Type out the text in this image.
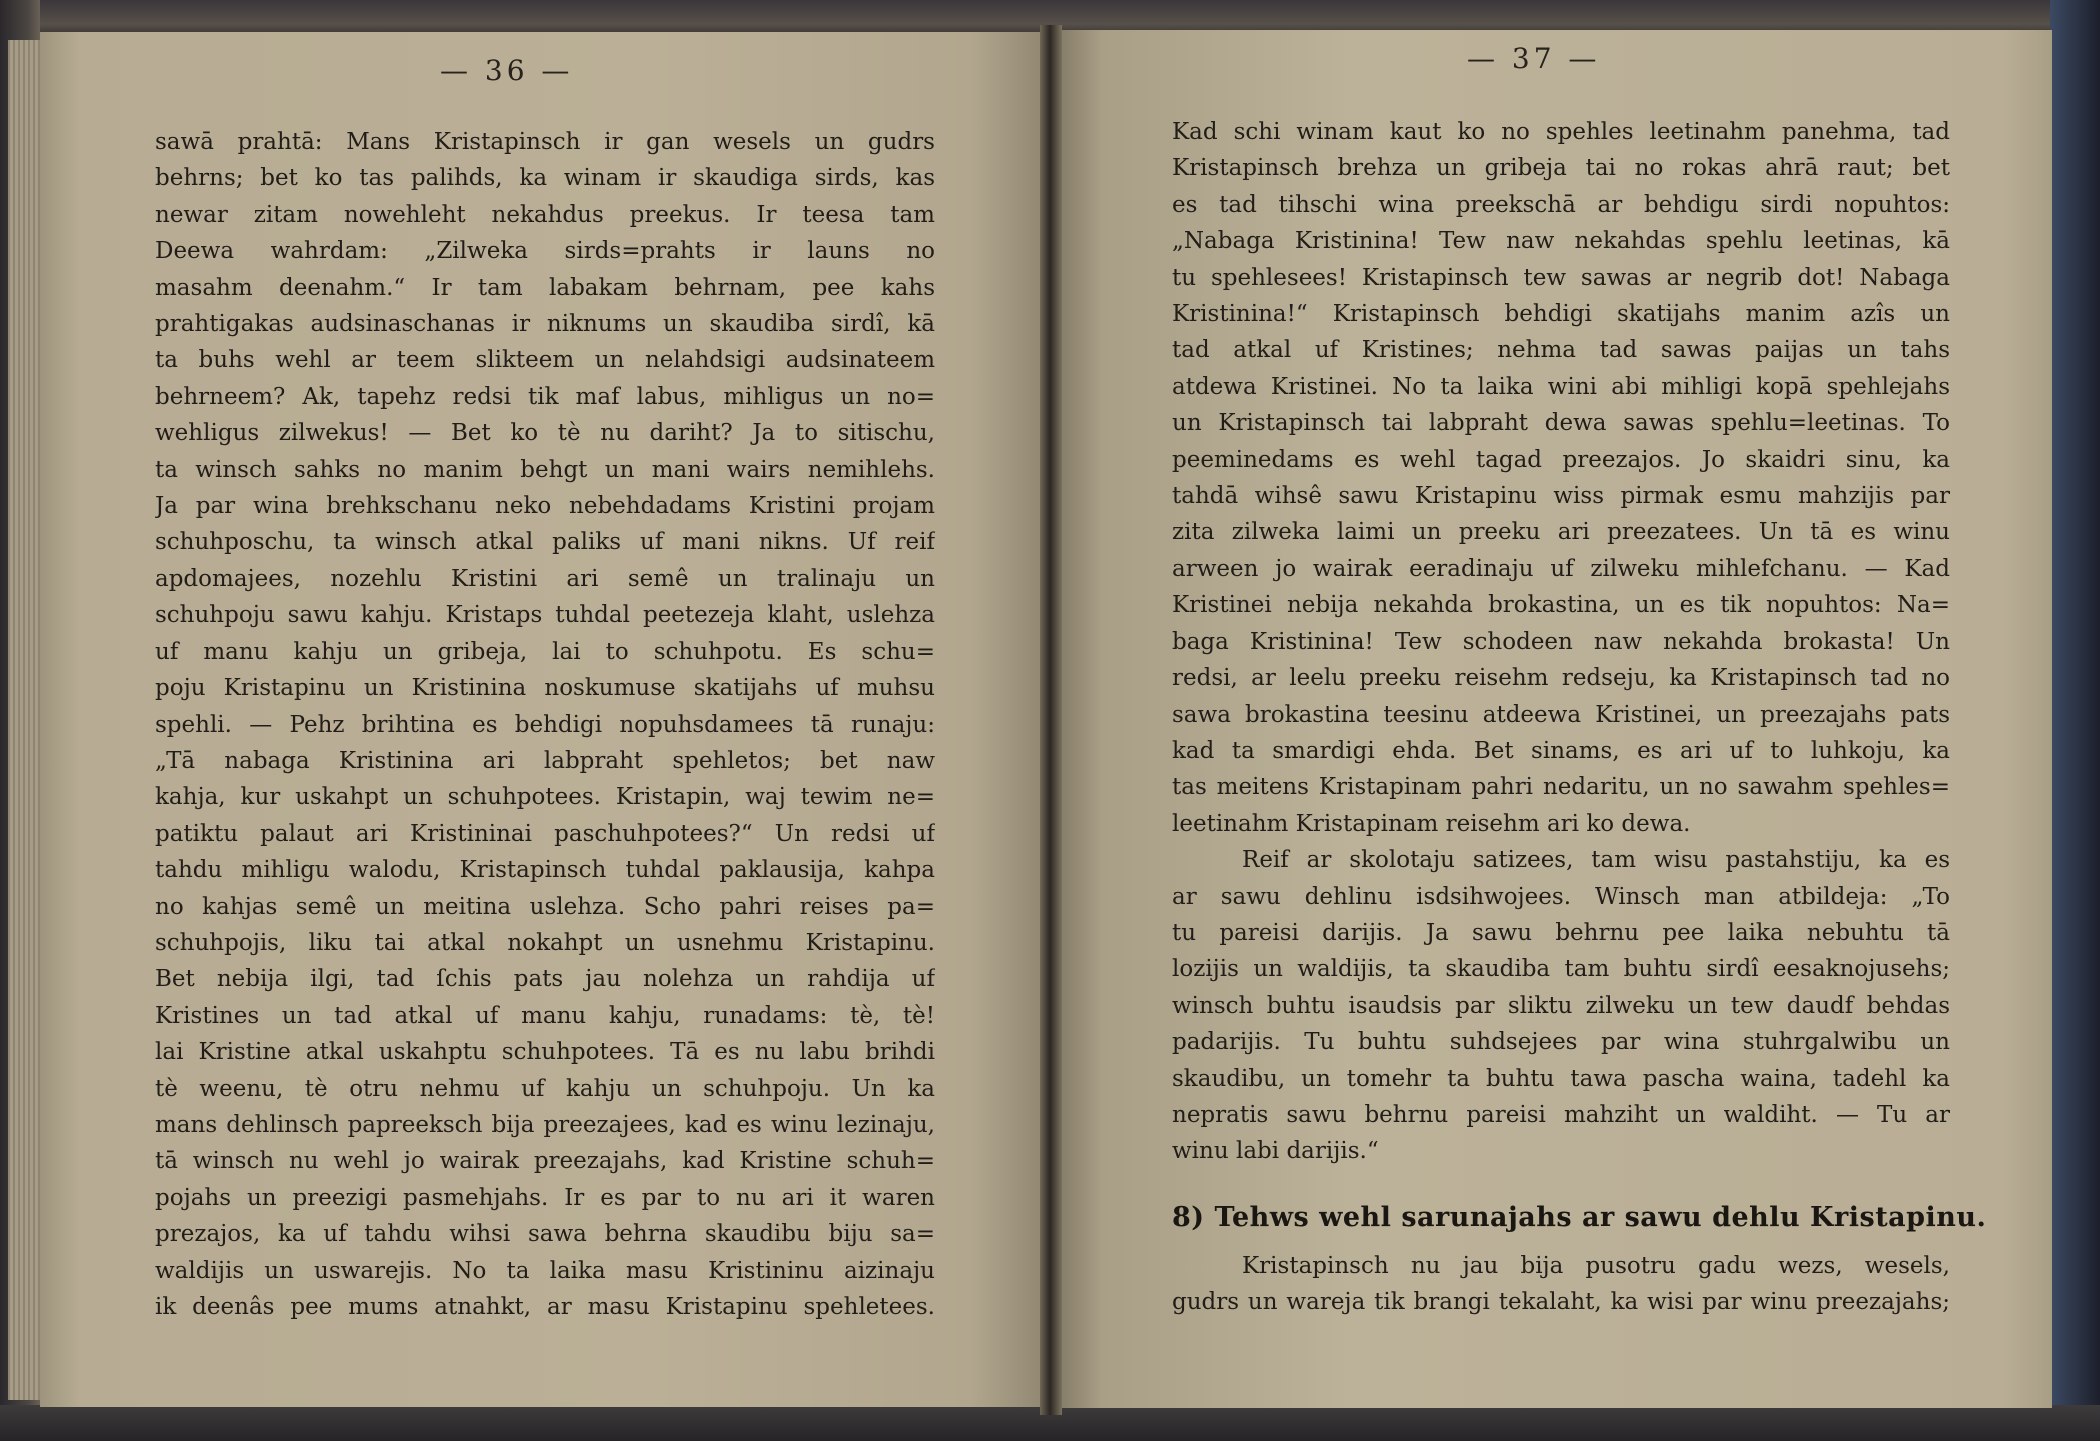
— 36 —	— 37 —
sawā prahtā: Mans Kristapinsch ir gan wesels un gudrs
behrns; bet ko tas palihds, ka winam ir skaudiga sirds, kas
newar zitam nowehleht nekahdus preekus. Ir teesa tam
Deewa wahrdam: „Zilweka sirds=prahts ir launs no
masahm deenahm.“ Ir tam labakam behrnam, pee kahs
prahtigakas audsinaschanas ir niknums un skaudiba sirdî, kā
ta buhs wehl ar teem slikteem un nelahdsigi audsinateem
behrneem? Ak, tapehz redsi tik maf labus, mihligus un no=
wehligus zilwekus! — Bet ko tè nu dariht? Ja to sitischu,
ta winsch sahks no manim behgt un mani wairs nemihlehs.
Ja par wina brehkschanu neko nebehdadams Kristini projam
schuhposchu, ta winsch atkal paliks uf mani nikns. Uf reif
apdomajees, nozehlu Kristini ari semê un tralinaju un
schuhpoju sawu kahju. Kristaps tuhdal peetezeja klaht, uslehza
uf manu kahju un gribeja, lai to schuhpotu. Es schu=
poju Kristapinu un Kristinina noskumuse skatijahs uf muhsu
spehli. — Pehz brihtina es behdigi nopuhsdamees tā runaju:
„Tā nabaga Kristinina ari labpraht spehletos; bet naw
kahja, kur uskahpt un schuhpotees. Kristapin, waj tewim ne=
patiktu palaut ari Kristininai paschuhpotees?“ Un redsi uf
tahdu mihligu walodu, Kristapinsch tuhdal paklausija, kahpa
no kahjas semê un meitina uslehza. Scho pahri reises pa=
schuhpojis, liku tai atkal nokahpt un usnehmu Kristapinu.
Bet nebija ilgi, tad ſchis pats jau nolehza un rahdija uf
Kristines un tad atkal uf manu kahju, runadams: tè, tè!
lai Kristine atkal uskahptu schuhpotees. Tā es nu labu brihdi
tè weenu, tè otru nehmu uf kahju un schuhpoju. Un ka
mans dehlinsch papreeksch bija preezajees, kad es winu lezinaju,
tā winsch nu wehl jo wairak preezajahs, kad Kristine schuh=
pojahs un preezigi pasmehjahs. Ir es par to nu ari it waren
prezajos, ka uf tahdu wihsi sawa behrna skaudibu biju sa=
waldijis un uswarejis. No ta laika masu Kristininu aizinaju
ik deenâs pee mums atnahkt, ar masu Kristapinu spehletees.
Kad schi winam kaut ko no spehles leetinahm panehma, tad
Kristapinsch brehza un gribeja tai no rokas ahrā raut; bet
es tad tihschi wina preekschā ar behdigu sirdi nopuhtos:
„Nabaga Kristinina! Tew naw nekahdas spehlu leetinas, kā
tu spehlesees! Kristapinsch tew sawas ar negrib dot! Nabaga
Kristinina!“ Kristapinsch behdigi skatijahs manim azîs un
tad atkal uf Kristines; nehma tad sawas paijas un tahs
atdewa Kristinei. No ta laika wini abi mihligi kopā spehlejahs
un Kristapinsch tai labpraht dewa sawas spehlu=leetinas. To
peeminedams es wehl tagad preezajos. Jo skaidri sinu, ka
tahdā wihsê sawu Kristapinu wiss pirmak esmu mahzijis par
zita zilweka laimi un preeku ari preezatees. Un tā es winu
arween jo wairak eeradinaju uf zilweku mihlefchanu. — Kad
Kristinei nebija nekahda brokastina, un es tik nopuhtos: Na=
baga Kristinina! Tew schodeen naw nekahda brokasta! Un
redsi, ar leelu preeku reisehm redseju, ka Kristapinsch tad no
sawa brokastina teesinu atdeewa Kristinei, un preezajahs pats
kad ta smardigi ehda. Bet sinams, es ari uf to luhkoju, ka
tas meitens Kristapinam pahri nedaritu, un no sawahm spehles=
leetinahm Kristapinam reisehm ari ko dewa.
Reif ar skolotaju satizees, tam wisu pastahstiju, ka es
ar sawu dehlinu isdsihwojees. Winsch man atbildeja: „To
tu pareisi darijis. Ja sawu behrnu pee laika nebuhtu tā
lozijis un waldijis, ta skaudiba tam buhtu sirdî eesaknojusehs;
winsch buhtu isaudsis par sliktu zilweku un tew daudf behdas
padarijis. Tu buhtu suhdsejees par wina stuhrgalwibu un
skaudibu, un tomehr ta buhtu tawa pascha waina, tadehl ka
nepratis sawu behrnu pareisi mahziht un waldiht. — Tu ar
winu labi darijis.“
8) Tehws wehl sarunajahs ar sawu dehlu Kristapinu.
Kristapinsch nu jau bija pusotru gadu wezs, wesels,
gudrs un wareja tik brangi tekalaht, ka wisi par winu preezajahs;
